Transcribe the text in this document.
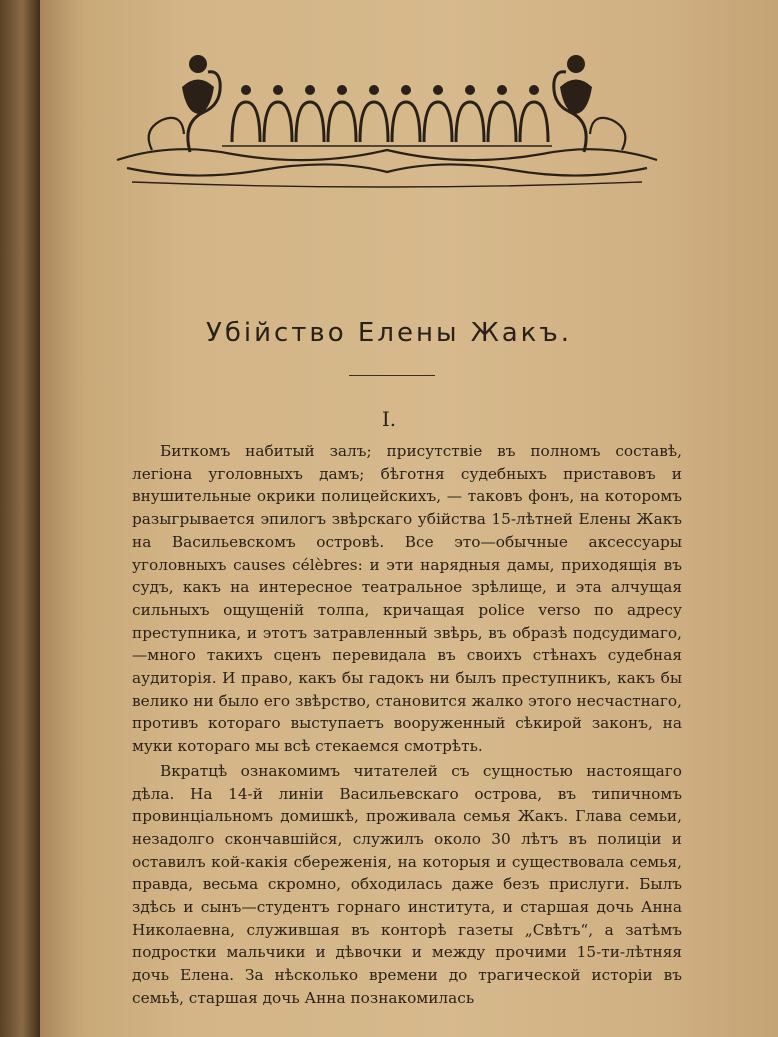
Убiйство Елены Жакъ.
I.

Биткомъ набитый залъ; присутствiе въ полномъ составѣ, легiона уголовныхъ дамъ; бѣготня судебныхъ приставовъ и внушительные окрики полицейскихъ, — таковъ фонъ, на которомъ разыгрывается эпилогъ звѣрскаго убiйства 15-лѣтней Елены Жакъ на Васильевскомъ островѣ. Все это—обычные аксессуары уголовныхъ causes célèbres: и эти нарядныя дамы, приходящiя въ судъ, какъ на интересное театральное зрѣлище, и эта алчущая сильныхъ ощущенiй толпа, кричащая police verso по адресу преступника, и этотъ затравленный звѣрь, въ образѣ подсудимаго,—много такихъ сценъ перевидала въ своихъ стѣнахъ судебная аудиторiя. И право, какъ бы гадокъ ни былъ преступникъ, какъ бы велико ни было его звѣрство, становится жалко этого несчастнаго, противъ котораго выступаетъ вооруженный сѣкирой законъ, на муки котораго мы всѣ стекаемся смотрѣть.

Вкратцѣ ознакомимъ читателей съ сущностью настоящаго дѣла. На 14-й линiи Васильевскаго острова, въ типичномъ провинцiальномъ домишкѣ, проживала семья Жакъ. Глава семьи, незадолго скончавшiйся, служилъ около 30 лѣтъ въ полицiи и оставилъ кой-какiя сбереженiя, на которыя и существовала семья, правда, весьма скромно, обходилась даже безъ прислуги. Былъ здѣсь и сынъ—студентъ горнаго института, и старшая дочь Анна Николаевна, служившая въ конторѣ газеты „Свѣтъ“, а затѣмъ подростки мальчики и дѣвочки и между прочими 15-ти-лѣтняя дочь Елена. За нѣсколько времени до трагической исторiи въ семьѣ, старшая дочь Анна познакомилась
